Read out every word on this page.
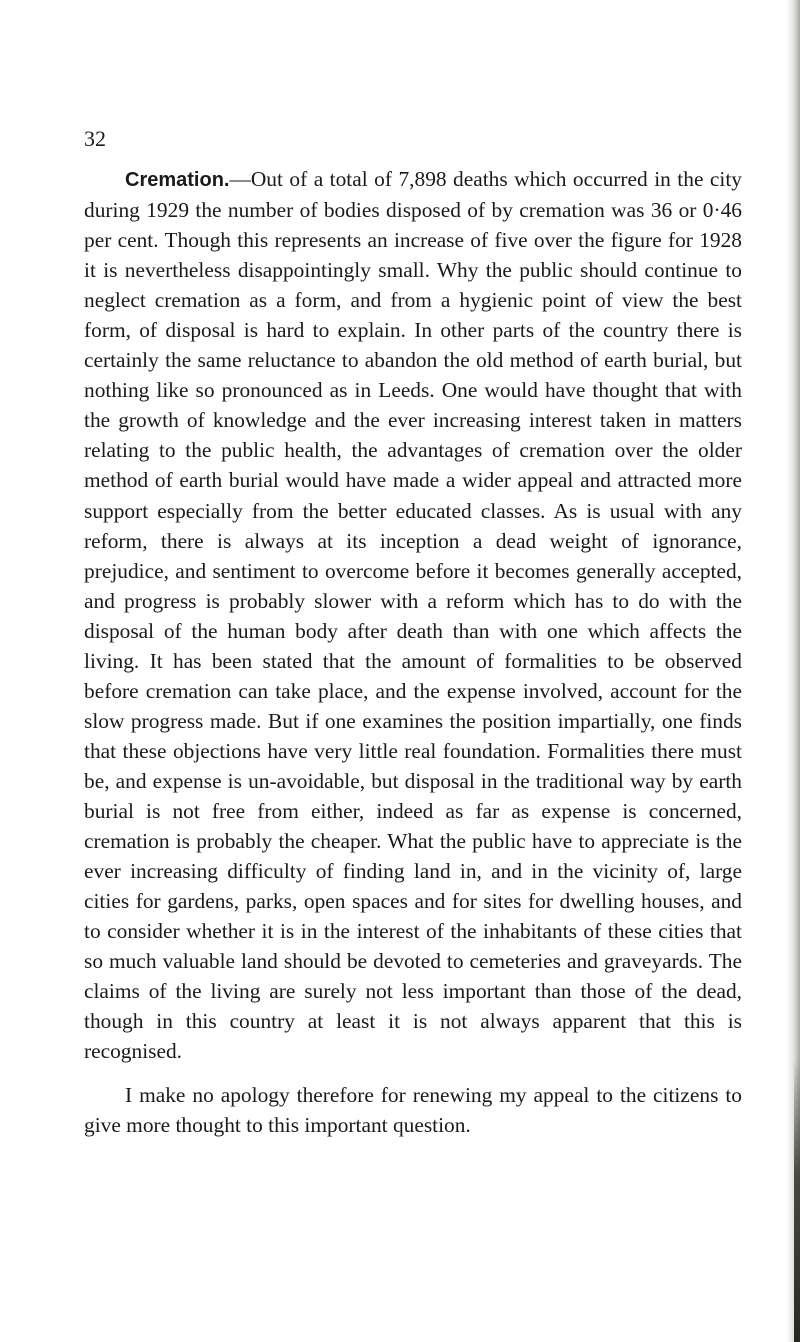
32

Cremation.—Out of a total of 7,898 deaths which occurred in the city during 1929 the number of bodies disposed of by cremation was 36 or 0·46 per cent. Though this represents an increase of five over the figure for 1928 it is nevertheless disappointingly small. Why the public should continue to neglect cremation as a form, and from a hygienic point of view the best form, of disposal is hard to explain. In other parts of the country there is certainly the same reluctance to abandon the old method of earth burial, but nothing like so pronounced as in Leeds. One would have thought that with the growth of knowledge and the ever increasing interest taken in matters relating to the public health, the advantages of cremation over the older method of earth burial would have made a wider appeal and attracted more support especially from the better educated classes. As is usual with any reform, there is always at its inception a dead weight of ignorance, prejudice, and sentiment to overcome before it becomes generally accepted, and progress is probably slower with a reform which has to do with the disposal of the human body after death than with one which affects the living. It has been stated that the amount of formalities to be observed before cremation can take place, and the expense involved, account for the slow progress made. But if one examines the position impartially, one finds that these objections have very little real foundation. Formalities there must be, and expense is un-avoidable, but disposal in the traditional way by earth burial is not free from either, indeed as far as expense is concerned, cremation is probably the cheaper. What the public have to appreciate is the ever increasing difficulty of finding land in, and in the vicinity of, large cities for gardens, parks, open spaces and for sites for dwelling houses, and to consider whether it is in the interest of the inhabitants of these cities that so much valuable land should be devoted to cemeteries and graveyards. The claims of the living are surely not less important than those of the dead, though in this country at least it is not always apparent that this is recognised.

I make no apology therefore for renewing my appeal to the citizens to give more thought to this important question.
